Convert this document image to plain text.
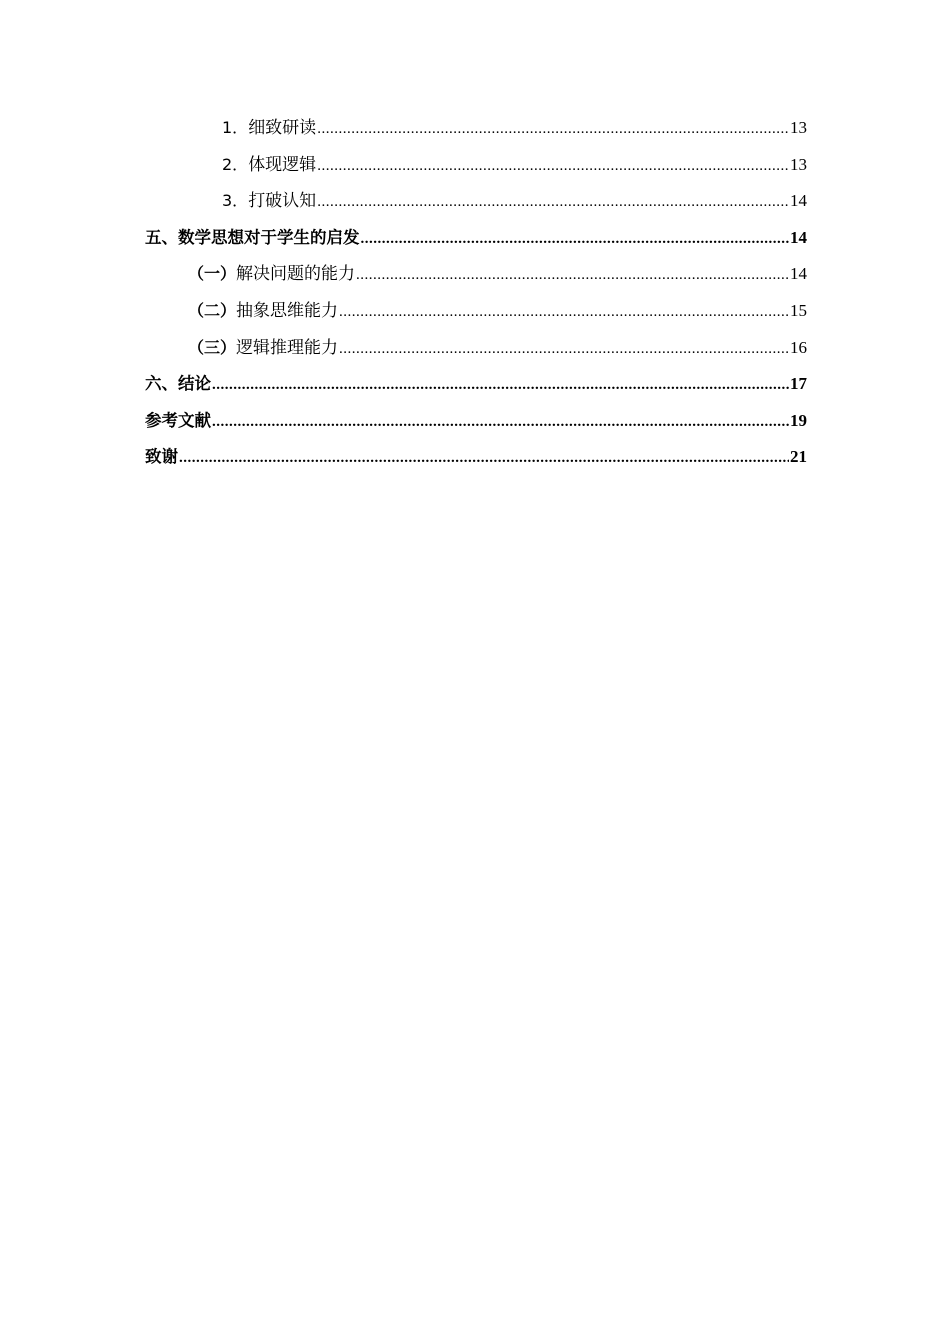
1． 细致研读 .....	13
2． 体现逻辑 .....	13
3． 打破认知 .....	14
五、数学思想对于学生的启发 .....	14
（一） 解决问题的能力 .....	14
（二） 抽象思维能力 .....	15
（三） 逻辑推理能力 .....	16
六、结论 .....	17
参考文献 .....	19
致谢 .....	21
